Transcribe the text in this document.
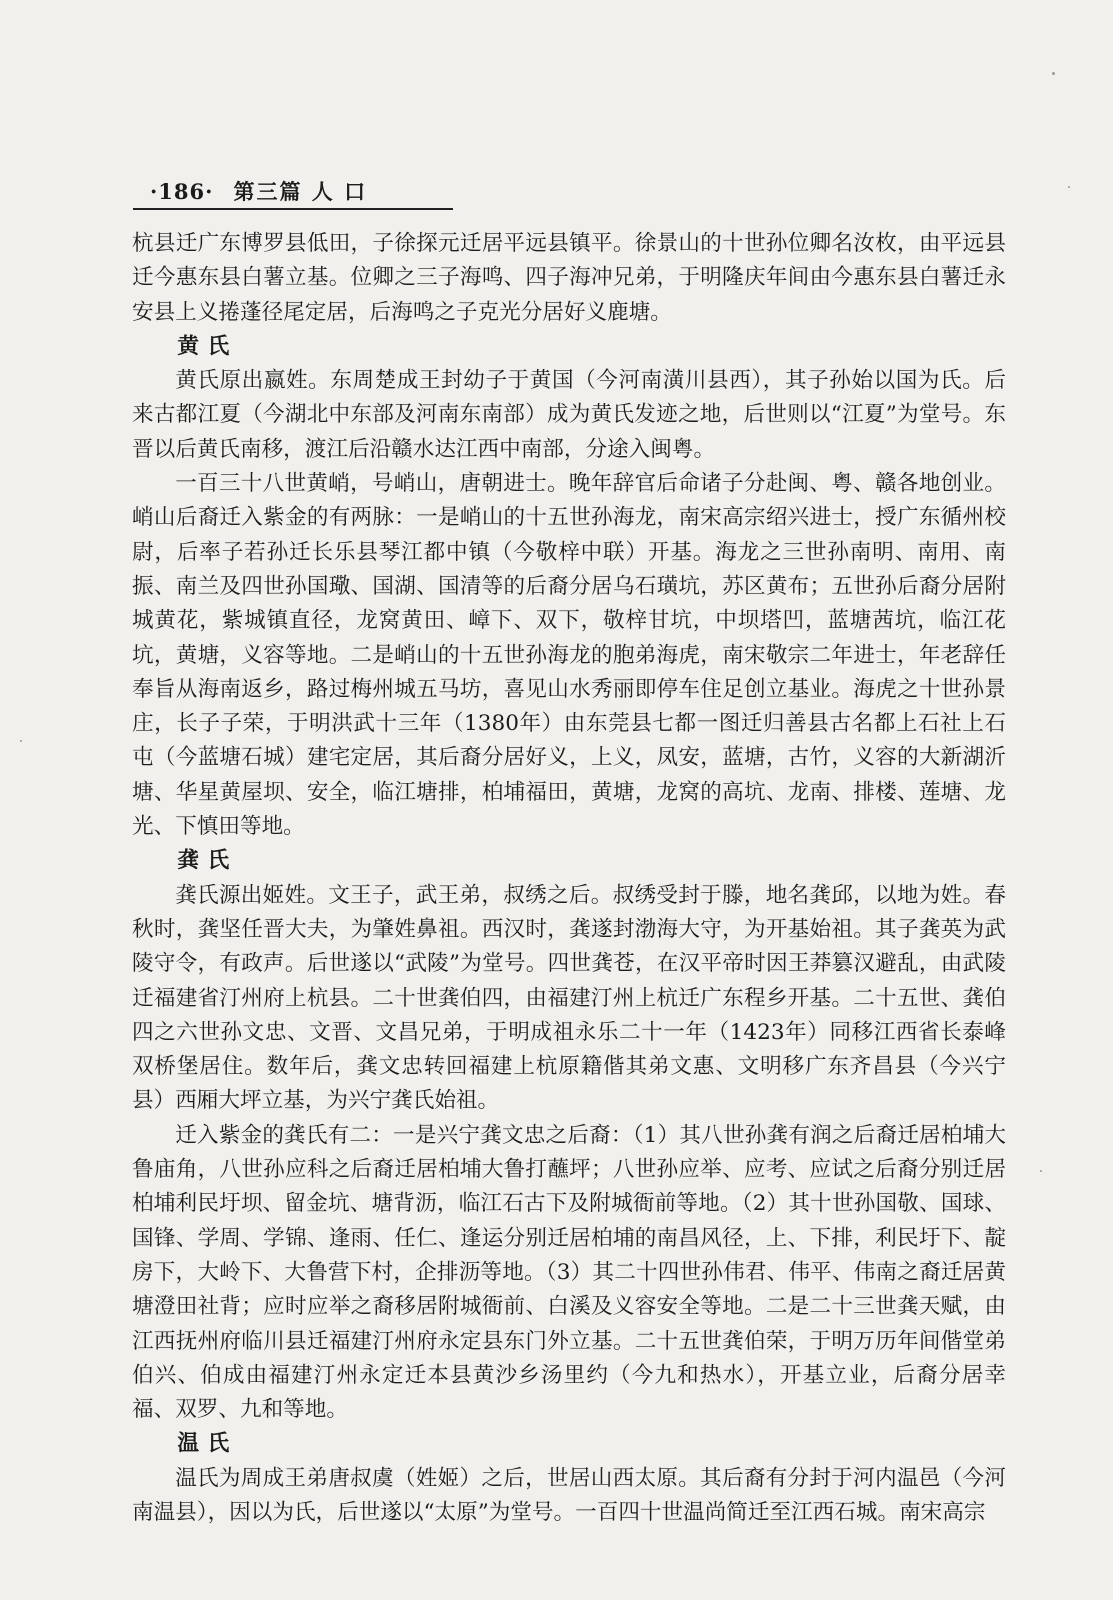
·186· 第三篇 人 口

杭县迁广东博罗县低田，子徐探元迁居平远县镇平。徐景山的十世孙位卿名汝枚，由平远县迁今惠东县白薯立基。位卿之三子海鸣、四子海冲兄弟，于明隆庆年间由今惠东县白薯迁永安县上义捲蓬径尾定居，后海鸣之子克光分居好义鹿塘。

黄氏

黄氏原出嬴姓。东周楚成王封幼子于黄国（今河南潢川县西），其子孙始以国为氏。后来古都江夏（今湖北中东部及河南东南部）成为黄氏发迹之地，后世则以“江夏”为堂号。东晋以后黄氏南移，渡江后沿赣水达江西中南部，分途入闽粤。

一百三十八世黄峭，号峭山，唐朝进士。晚年辞官后命诸子分赴闽、粤、赣各地创业。峭山后裔迁入紫金的有两脉：一是峭山的十五世孙海龙，南宋高宗绍兴进士，授广东循州校尉，后率子若孙迁长乐县琴江都中镇（今敬梓中联）开基。海龙之三世孙南明、南用、南振、南兰及四世孙国璥、国湖、国清等的后裔分居乌石璜坑，苏区黄布；五世孙后裔分居附城黄花，紫城镇直径，龙窝黄田、嶂下、双下，敬梓甘坑，中坝塔凹，蓝塘茜坑，临江花坑，黄塘，义容等地。二是峭山的十五世孙海龙的胞弟海虎，南宋敬宗二年进士，年老辞任奉旨从海南返乡，路过梅州城五马坊，喜见山水秀丽即停车住足创立基业。海虎之十世孙景庄，长子子荣，于明洪武十三年（1380年）由东莞县七都一图迁归善县古名都上石社上石屯（今蓝塘石城）建宅定居，其后裔分居好义，上义，凤安，蓝塘，古竹，义容的大新湖沂塘、华星黄屋坝、安全，临江塘排，柏埔福田，黄塘，龙窝的高坑、龙南、排楼、莲塘、龙光、下慎田等地。

龚氏

龚氏源出姬姓。文王子，武王弟，叔绣之后。叔绣受封于滕，地名龚邱，以地为姓。春秋时，龚坚任晋大夫，为肇姓鼻祖。西汉时，龚遂封渤海大守，为开基始祖。其子龚英为武陵守令，有政声。后世遂以“武陵”为堂号。四世龚苍，在汉平帝时因王莽篡汉避乱，由武陵迁福建省汀州府上杭县。二十世龚伯四，由福建汀州上杭迁广东程乡开基。二十五世、龚伯四之六世孙文忠、文晋、文昌兄弟，于明成祖永乐二十一年（1423年）同移江西省长泰峰双桥堡居住。数年后，龚文忠转回福建上杭原籍偕其弟文惠、文明移广东齐昌县（今兴宁县）西厢大坪立基，为兴宁龚氏始祖。

迁入紫金的龚氏有二：一是兴宁龚文忠之后裔：（1）其八世孙龚有润之后裔迁居柏埔大鲁庙角，八世孙应科之后裔迁居柏埔大鲁打蘸坪；八世孙应举、应考、应试之后裔分别迁居柏埔利民圩坝、留金坑、塘背沥，临江石古下及附城衙前等地。（2）其十世孙国敬、国球、国锋、学周、学锦、逢雨、任仁、逢运分别迁居柏埔的南昌风径，上、下排，利民圩下、靛房下，大岭下、大鲁营下村，企排沥等地。（3）其二十四世孙伟君、伟平、伟南之裔迁居黄塘澄田社背；应时应举之裔移居附城衙前、白溪及义容安全等地。二是二十三世龚天赋，由江西抚州府临川县迁福建汀州府永定县东门外立基。二十五世龚伯荣，于明万历年间偕堂弟伯兴、伯成由福建汀州永定迁本县黄沙乡汤里约（今九和热水），开基立业，后裔分居幸福、双罗、九和等地。

温氏

温氏为周成王弟唐叔虞（姓姬）之后，世居山西太原。其后裔有分封于河内温邑（今河南温县），因以为氏，后世遂以“太原”为堂号。一百四十世温尚简迁至江西石城。南宋高宗
